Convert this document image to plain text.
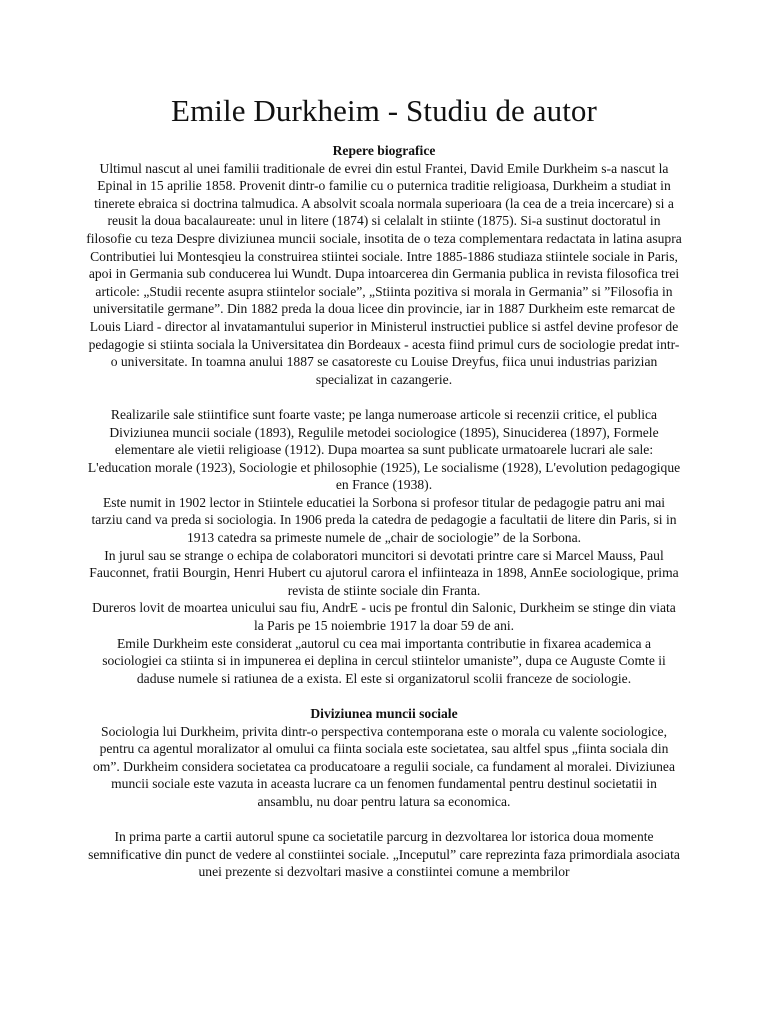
Emile Durkheim - Studiu de autor
Repere biografice

Ultimul nascut al unei familii traditionale de evrei din estul Frantei, David Emile Durkheim s-a nascut la Epinal in 15 aprilie 1858. Provenit dintr-o familie cu o puternica traditie religioasa, Durkheim a studiat in tinerete ebraica si doctrina talmudica. A absolvit scoala normala superioara (la cea de a treia incercare) si a reusit la doua bacalaureate: unul in litere (1874) si celalalt in stiinte (1875). Si-a sustinut doctoratul in filosofie cu teza Despre diviziunea muncii sociale, insotita de o teza complementara redactata in latina asupra Contributiei lui Montesqieu la construirea stiintei sociale. Intre 1885-1886 studiaza stiintele sociale in Paris, apoi in Germania sub conducerea lui Wundt. Dupa intoarcerea din Germania publica in revista filosofica trei articole: „Studii recente asupra stiintelor sociale”, „Stiinta pozitiva si morala in Germania” si ”Filosofia in universitatile germane”. Din 1882 preda la doua licee din provincie, iar in 1887 Durkheim este remarcat de Louis Liard - director al invatamantului superior in Ministerul instructiei publice si astfel devine profesor de pedagogie si stiinta sociala la Universitatea din Bordeaux - acesta fiind primul curs de sociologie predat intr-o universitate. In toamna anului 1887 se casatoreste cu Louise Dreyfus, fiica unui industrias parizian specializat in cazangerie.

Realizarile sale stiintifice sunt foarte vaste; pe langa numeroase articole si recenzii critice, el publica Diviziunea muncii sociale (1893), Regulile metodei sociologice (1895), Sinuciderea (1897), Formele elementare ale vietii religioase (1912). Dupa moartea sa sunt publicate urmatoarele lucrari ale sale: L'education morale (1923), Sociologie et philosophie (1925), Le socialisme (1928), L'evolution pedagogique en France (1938).

Este numit in 1902 lector in Stiintele educatiei la Sorbona si profesor titular de pedagogie patru ani mai tarziu cand va preda si sociologia. In 1906 preda la catedra de pedagogie a facultatii de litere din Paris, si in 1913 catedra sa primeste numele de „chair de sociologie” de la Sorbona.

In jurul sau se strange o echipa de colaboratori muncitori si devotati printre care si Marcel Mauss, Paul Fauconnet, fratii Bourgin, Henri Hubert cu ajutorul carora el infiinteaza in 1898, AnnEe sociologique, prima revista de stiinte sociale din Franta.

Dureros lovit de moartea unicului sau fiu, AndrE - ucis pe frontul din Salonic, Durkheim se stinge din viata la Paris pe 15 noiembrie 1917 la doar 59 de ani.

Emile Durkheim este considerat „autorul cu cea mai importanta contributie in fixarea academica a sociologiei ca stiinta si in impunerea ei deplina in cercul stiintelor umaniste”, dupa ce Auguste Comte ii daduse numele si ratiunea de a exista. El este si organizatorul scolii franceze de sociologie.

Diviziunea muncii sociale

Sociologia lui Durkheim, privita dintr-o perspectiva contemporana este o morala cu valente sociologice, pentru ca agentul moralizator al omului ca fiinta sociala este societatea, sau altfel spus „fiinta sociala din om”. Durkheim considera societatea ca producatoare a regulii sociale, ca fundament al moralei. Diviziunea muncii sociale este vazuta in aceasta lucrare ca un fenomen fundamental pentru destinul societatii in ansamblu, nu doar pentru latura sa economica.

In prima parte a cartii autorul spune ca societatile parcurg in dezvoltarea lor istorica doua momente semnificative din punct de vedere al constiintei sociale. „Inceputul” care reprezinta faza primordiala asociata unei prezente si dezvoltari masive a constiintei comune a membrilor
